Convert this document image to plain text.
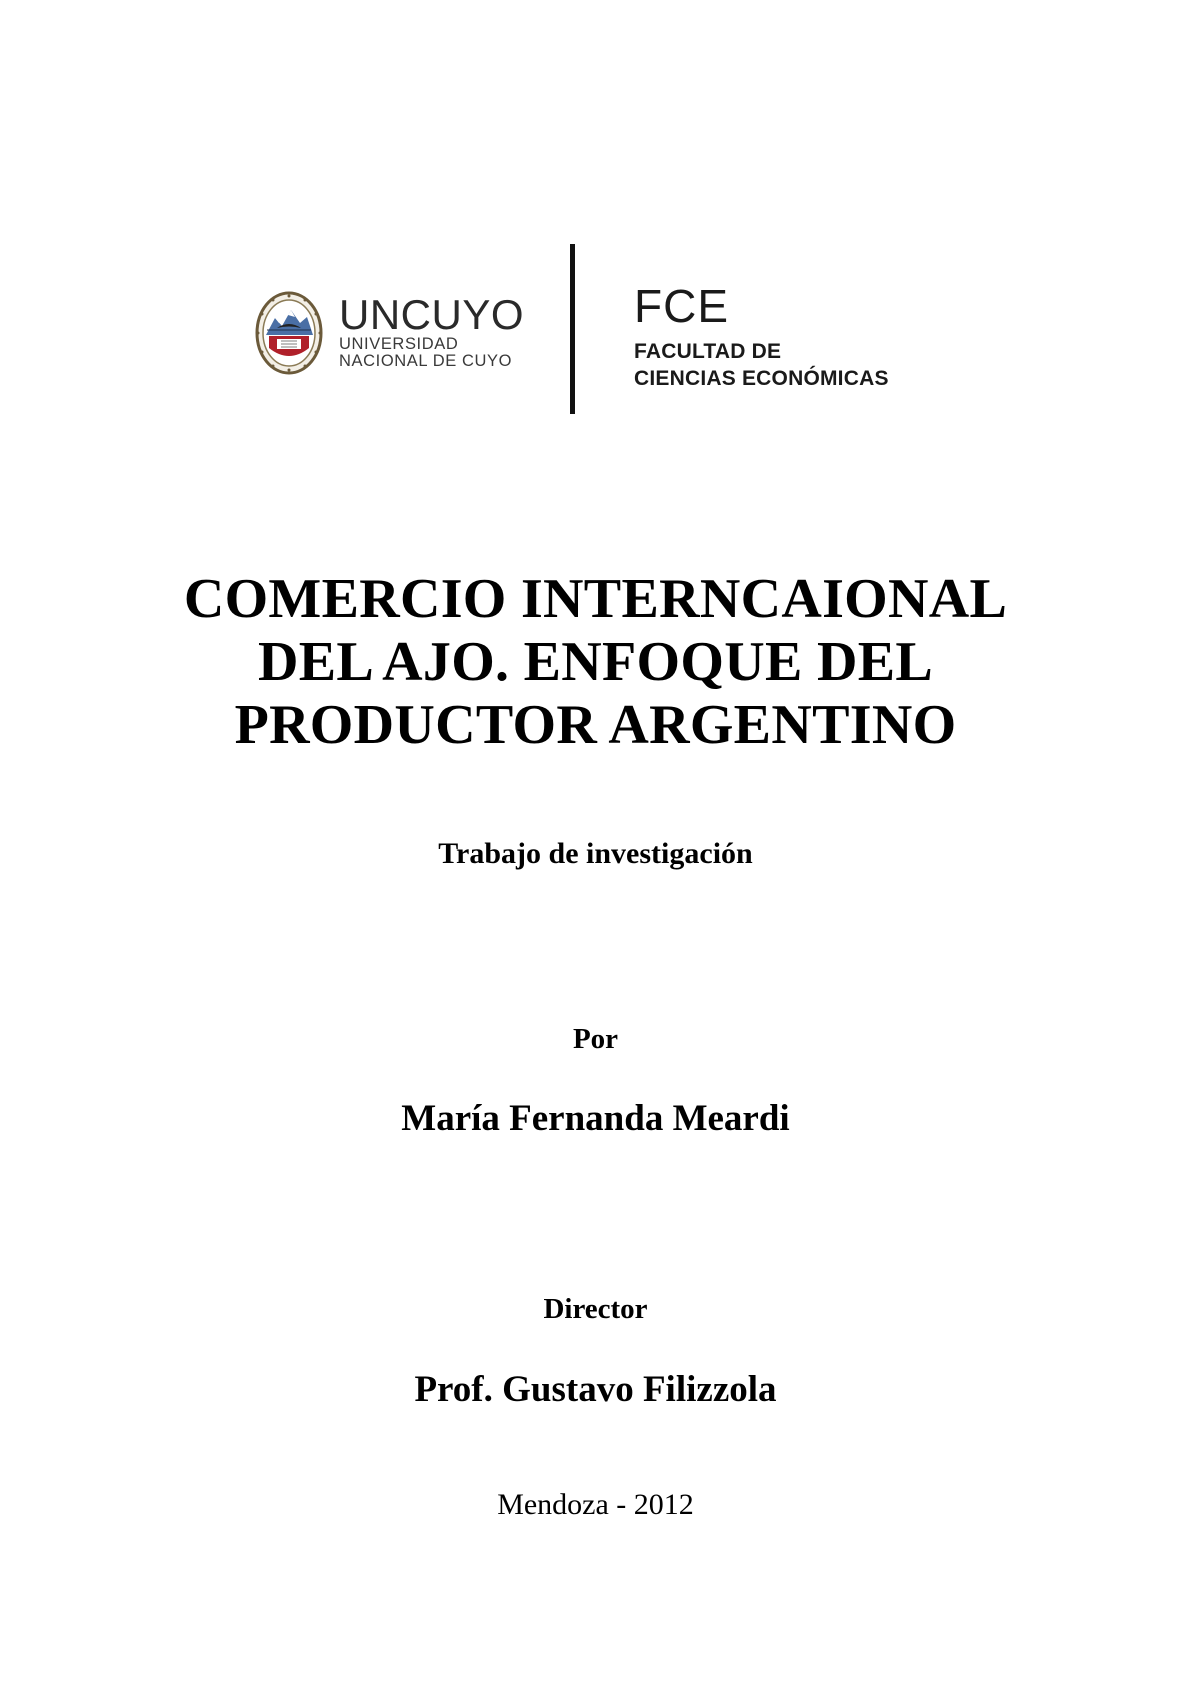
UNCUYO
UNIVERSIDAD
NACIONAL DE CUYO
FCE
FACULTAD DE
CIENCIAS ECONÓMICAS
COMERCIO INTERNCAIONAL
DEL AJO. ENFOQUE DEL
PRODUCTOR ARGENTINO
Trabajo de investigación
Por
María Fernanda Meardi
Director
Prof. Gustavo Filizzola
Mendoza - 2012
